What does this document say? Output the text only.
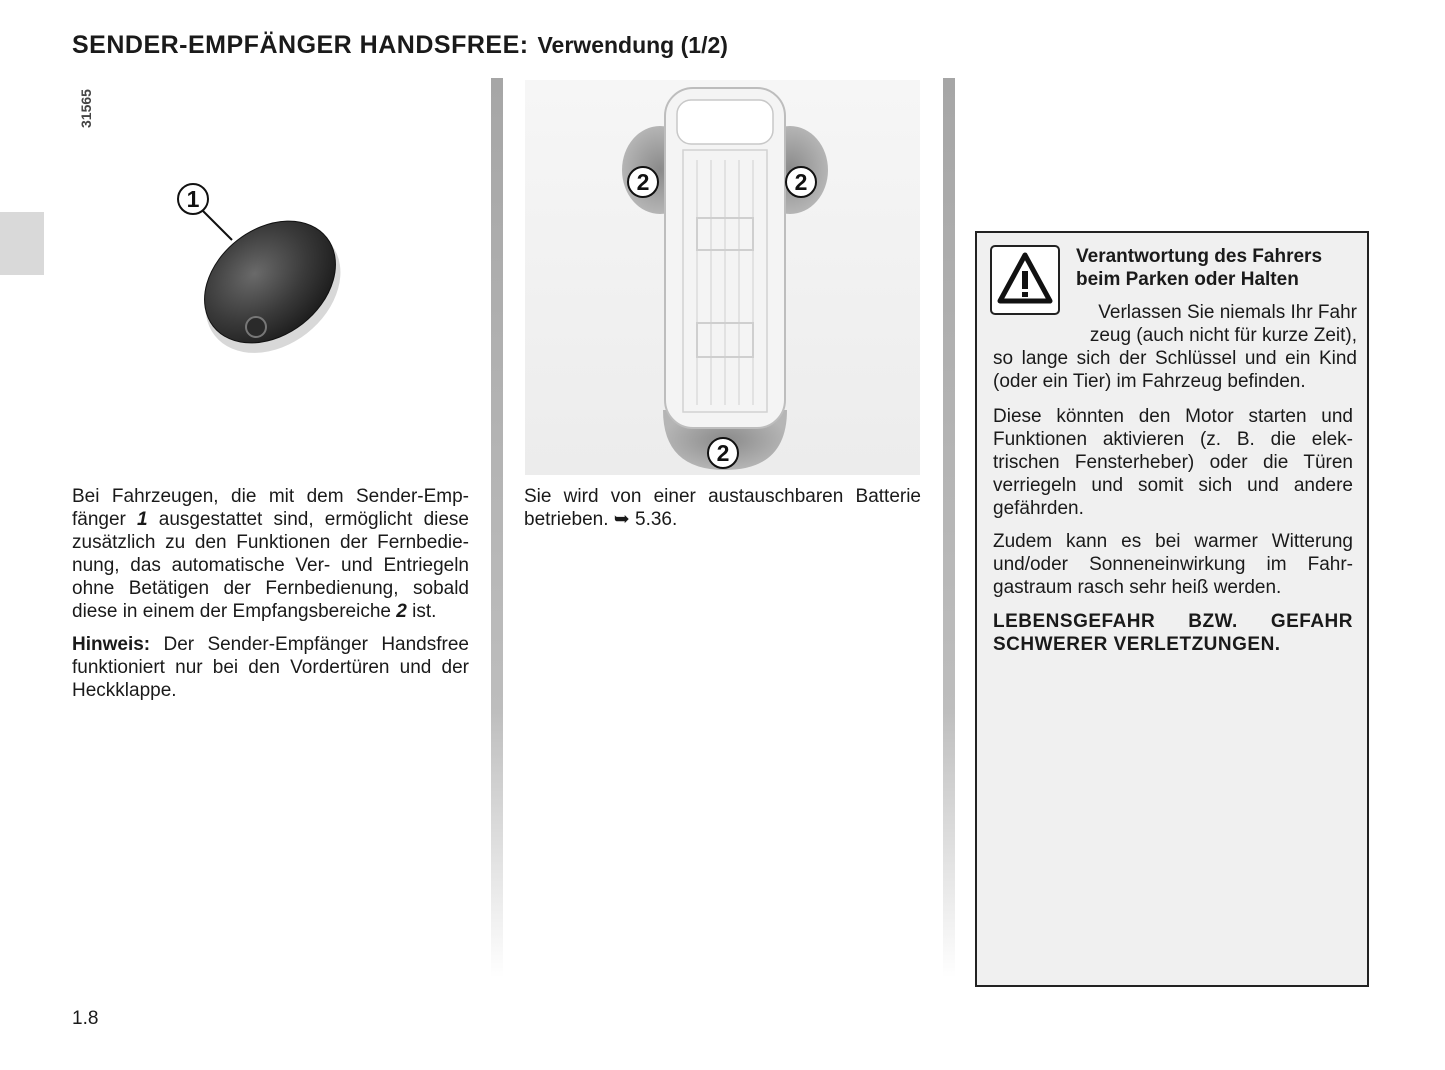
SENDER-EMPFÄNGER HANDSFREE: Verwendung (1/2)
31565
1
2	2
2

Bei Fahrzeugen, die mit dem Sender-Empfänger 1 ausgestattet sind, ermöglicht diese zusätzlich zu den Funktionen der Fernbedienung, das automatische Ver- und Entriegeln ohne Betätigen der Fernbedienung, sobald diese in einem der Empfangsbereiche 2 ist.

Hinweis: Der Sender-Empfänger Handsfree funktioniert nur bei den Vordertüren und der Heckklappe.

Sie wird von einer austauschbaren Batterie betrieben. ➥ 5.36.

Verantwortung des Fahrers beim Parken oder Halten

Verlassen Sie niemals Ihr Fahr
zeug (auch nicht für kurze Zeit),
so lange sich der Schlüssel und ein Kind (oder ein Tier) im Fahrzeug befinden.

Diese könnten den Motor starten und Funktionen aktivieren (z. B. die elektrischen Fensterheber) oder die Türen verriegeln und somit sich und andere gefährden.

Zudem kann es bei warmer Witterung und/oder Sonneneinwirkung im Fahrgastraum rasch sehr heiß werden.

LEBENSGEFAHR BZW. GEFAHR SCHWERER VERLETZUNGEN.

1.8
